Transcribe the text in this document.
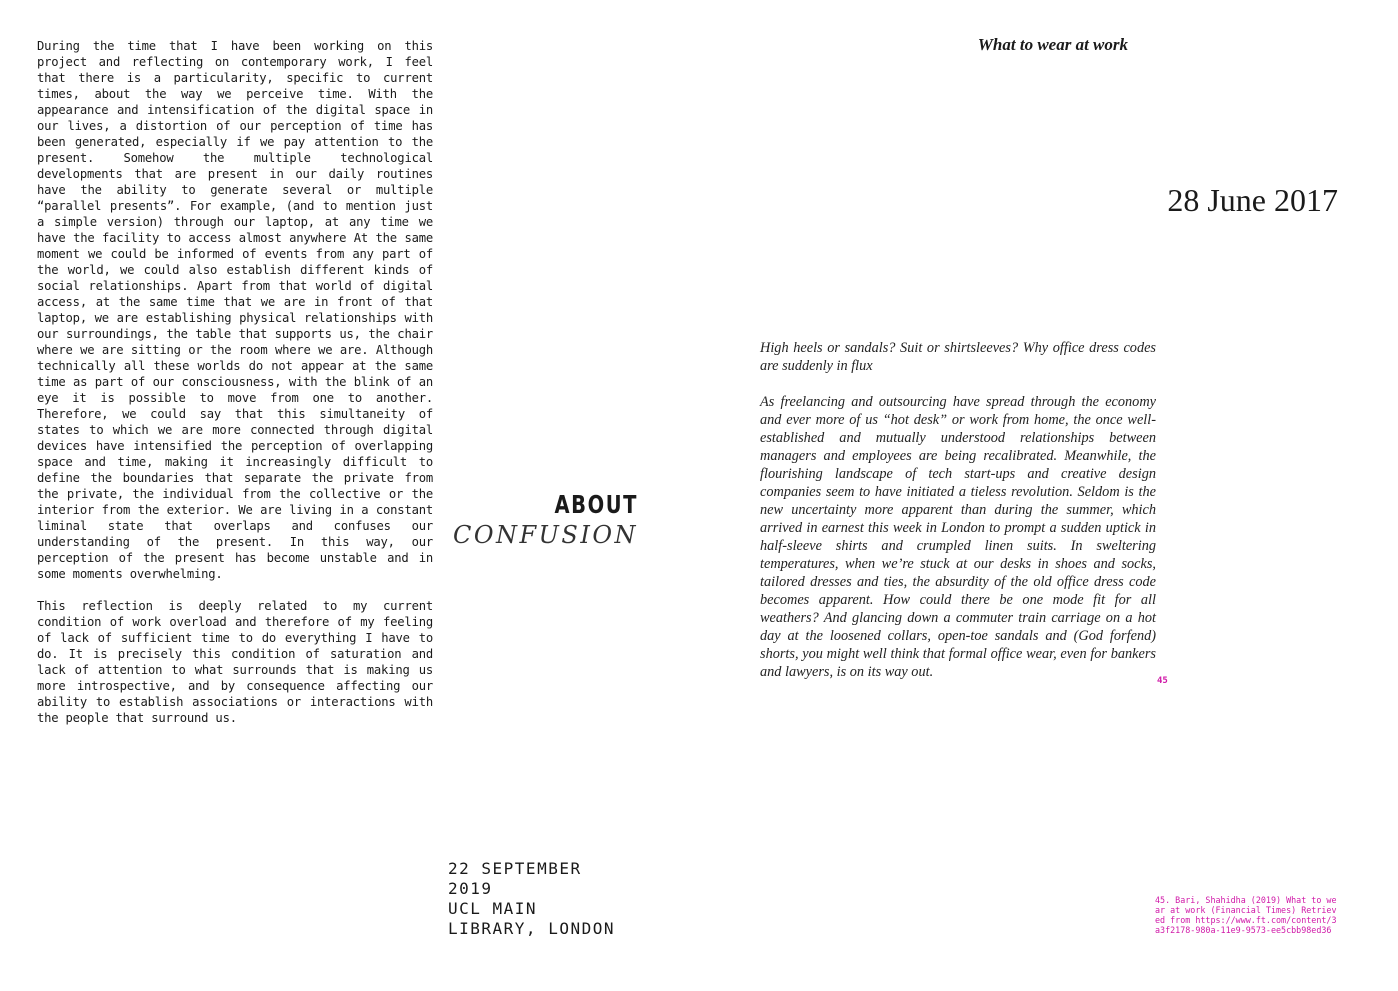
During the time that I have been working on this project and reflecting on contemporary work, I feel that there is a particularity, specific to current times, about the way we perceive time. With the appearance and intensification of the digital space in our lives, a distortion of our perception of time has been generated, especially if we pay attention to the present. Somehow the multiple technological developments that are present in our daily routines have the ability to generate several or multiple “parallel presents”. For example, (and to mention just a simple version) through our laptop, at any time we have the facility to access almost anywhere At the same moment we could be informed of events from any part of the world, we could also establish different kinds of social relationships. Apart from that world of digital access, at the same time that we are in front of that laptop, we are establishing physical relationships with our surroundings, the table that supports us, the chair where we are sitting or the room where we are. Although technically all these worlds do not appear at the same time as part of our consciousness, with the blink of an eye it is possible to move from one to another. Therefore, we could say that this simultaneity of states to which we are more connected through digital devices have intensified the perception of overlapping space and time, making it increasingly difficult to define the boundaries that separate the private from the private, the individual from the collective or the interior from the exterior. We are living in a constant liminal state that overlaps and confuses our understanding of the present. In this way, our perception of the present has become unstable and in some moments overwhelming.

This reflection is deeply related to my current condition of work overload and therefore of my feeling of lack of sufficient time to do everything I have to do. It is precisely this condition of saturation and lack of attention to what surrounds that is making us more introspective, and by consequence affecting our ability to establish associations or interactions with the people that surround us.

ABOUT
CONFUSION
22 SEPTEMBER
2019
UCL MAIN
LIBRARY, LONDON
What to wear at work
28 June 2017

High heels or sandals? Suit or shirtsleeves? Why office dress codes are suddenly in flux

As freelancing and outsourcing have spread through the economy and ever more of us “hot desk” or work from home, the once well-established and mutually understood relationships between managers and employees are being recalibrated. Meanwhile, the flourishing landscape of tech start-ups and creative design companies seem to have initiated a tieless revolution. Seldom is the new uncertainty more apparent than during the summer, which arrived in earnest this week in London to prompt a sudden uptick in half-sleeve shirts and crumpled linen suits. In sweltering temperatures, when we’re stuck at our desks in shoes and socks, tailored dresses and ties, the absurdity of the old office dress code becomes apparent. How could there be one mode fit for all weathers? And glancing down a commuter train carriage on a hot day at the loosened collars, open-toe sandals and (God forfend) shorts, you might well think that formal office wear, even for bankers and lawyers, is on its way out.

45
45. Bari, Shahidha (2019) What to wear at work (Financial Times) Retrieved from https://www.ft.com/content/3a3f2178-980a-11e9-9573-ee5cbb98ed36
